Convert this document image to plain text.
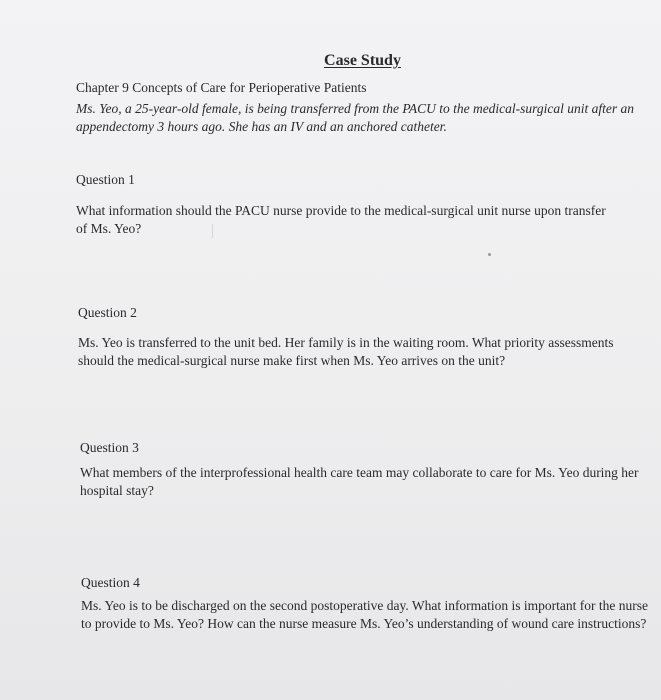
Case Study
Chapter 9 Concepts of Care for Perioperative Patients
Ms. Yeo, a 25-year-old female, is being transferred from the PACU to the medical-surgical unit after an appendectomy 3 hours ago. She has an IV and an anchored catheter.
Question 1
What information should the PACU nurse provide to the medical-surgical unit nurse upon transfer of Ms. Yeo?
Question 2
Ms. Yeo is transferred to the unit bed. Her family is in the waiting room. What priority assessments should the medical-surgical nurse make first when Ms. Yeo arrives on the unit?
Question 3
What members of the interprofessional health care team may collaborate to care for Ms. Yeo during her hospital stay?
Question 4
Ms. Yeo is to be discharged on the second postoperative day. What information is important for the nurse to provide to Ms. Yeo? How can the nurse measure Ms. Yeo’s understanding of wound care instructions?
